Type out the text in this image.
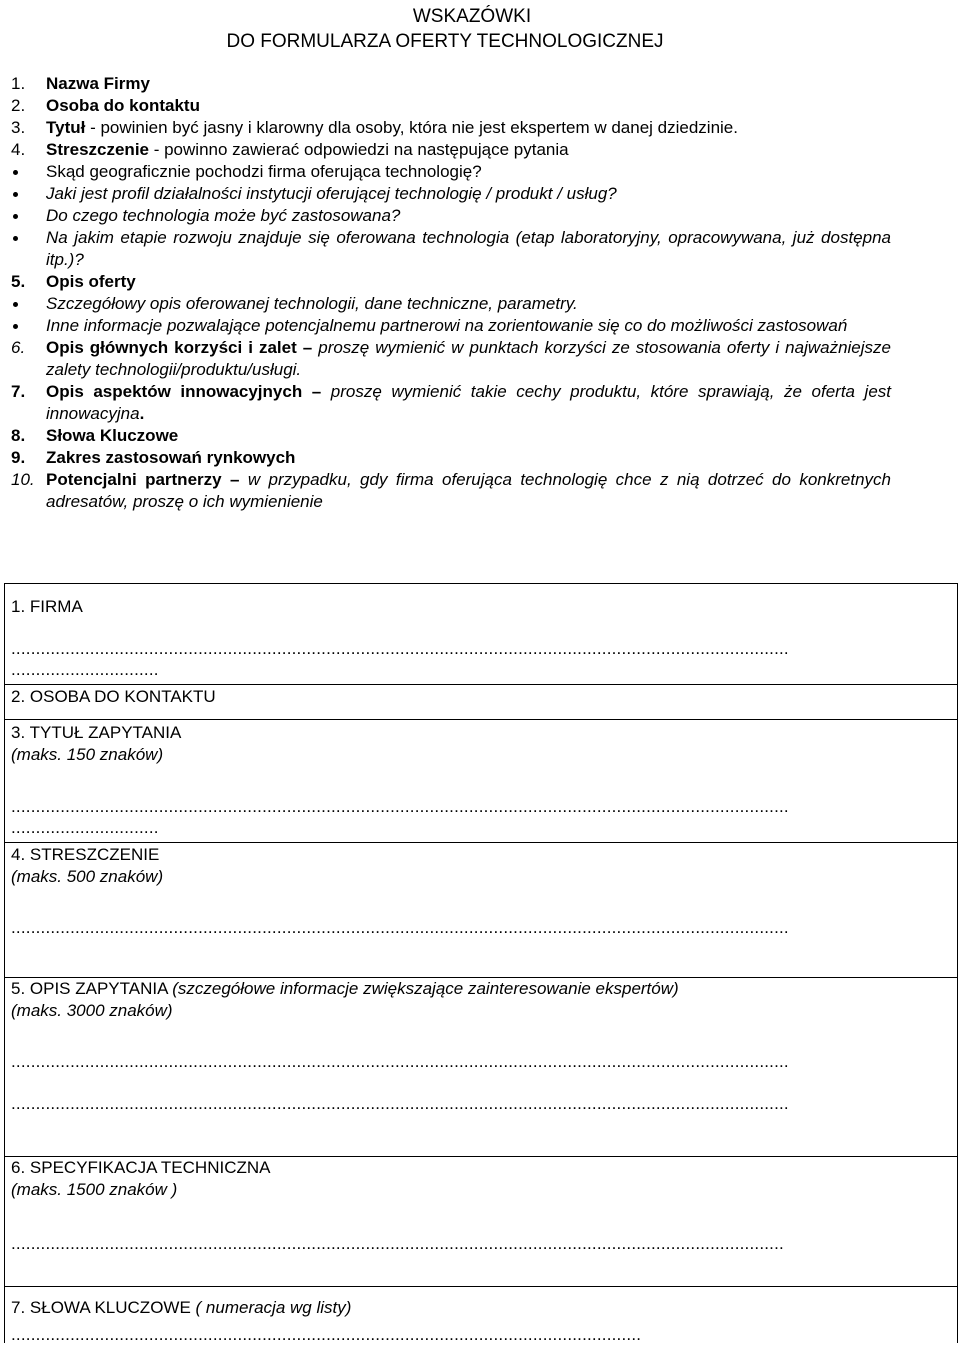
WSKAZÓWKI
DO FORMULARZA OFERTY TECHNOLOGICZNEJ
1. Nazwa Firmy
2. Osoba do kontaktu
3. Tytuł - powinien być jasny i klarowny dla osoby, która nie jest ekspertem w danej dziedzinie.
4. Streszczenie - powinno zawierać odpowiedzi na następujące pytania
Skąd geograficznie pochodzi firma oferująca technologię?
Jaki jest profil działalności instytucji oferującej technologię / produkt / usług?
Do czego technologia może być zastosowana?
Na jakim etapie rozwoju znajduje się oferowana technologia (etap laboratoryjny, opracowywana, już dostępna itp.)?
5. Opis oferty
Szczegółowy opis oferowanej technologii, dane techniczne, parametry.
Inne informacje pozwalające potencjalnemu partnerowi na zorientowanie się co do możliwości zastosowań
6. Opis głównych korzyści i zalet – proszę wymienić w punktach korzyści ze stosowania oferty i najważniejsze zalety technologii/produktu/usługi.
7. Opis aspektów innowacyjnych – proszę wymienić takie cechy produktu, które sprawiają, że oferta jest innowacyjna.
8. Słowa Kluczowe
9. Zakres zastosowań rynkowych
10. Potencjalni partnerzy – w przypadku, gdy firma oferująca technologię chce z nią dotrzeć do konkretnych adresatów, proszę o ich wymienienie
1. FIRMA
..............................................................................................................................................................
..............................
2. OSOBA DO KONTAKTU
3. TYTUŁ ZAPYTANIA
(maks. 150 znaków)
..............................................................................................................................................................
..............................
4. STRESZCZENIE
(maks. 500 znaków)
..............................................................................................................................................................
5. OPIS ZAPYTANIA (szczegółowe informacje zwiększające zainteresowanie ekspertów)
(maks. 3000 znaków)
..............................................................................................................................................................
..............................................................................................................................................................
6. SPECYFIKACJA TECHNICZNA
(maks. 1500 znaków )
.............................................................................................................................................................
7. SŁOWA KLUCZOWE ( numeracja wg listy)
................................................................................................................................
